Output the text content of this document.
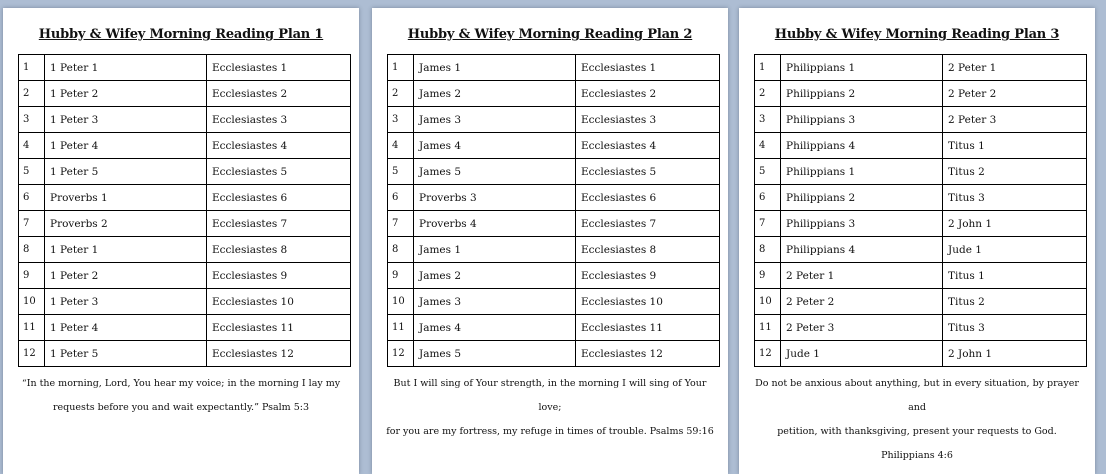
Hubby & Wifey Morning Reading Plan 1
1	1 Peter 1	Ecclesiastes 1
2	1 Peter 2	Ecclesiastes 2
3	1 Peter 3	Ecclesiastes 3
4	1 Peter 4	Ecclesiastes 4
5	1 Peter 5	Ecclesiastes 5
6	Proverbs 1	Ecclesiastes 6
7	Proverbs 2	Ecclesiastes 7
8	1 Peter 1	Ecclesiastes 8
9	1 Peter 2	Ecclesiastes 9
10	1 Peter 3	Ecclesiastes 10
11	1 Peter 4	Ecclesiastes 11
12	1 Peter 5	Ecclesiastes 12
“In the morning, Lord, You hear my voice; in the morning I lay my
requests before you and wait expectantly.” Psalm 5:3
Hubby & Wifey Morning Reading Plan 2
1	James 1	Ecclesiastes 1
2	James 2	Ecclesiastes 2
3	James 3	Ecclesiastes 3
4	James 4	Ecclesiastes 4
5	James 5	Ecclesiastes 5
6	Proverbs 3	Ecclesiastes 6
7	Proverbs 4	Ecclesiastes 7
8	James 1	Ecclesiastes 8
9	James 2	Ecclesiastes 9
10	James 3	Ecclesiastes 10
11	James 4	Ecclesiastes 11
12	James 5	Ecclesiastes 12
But I will sing of Your strength, in the morning I will sing of Your love;
for you are my fortress, my refuge in times of trouble. Psalms 59:16
Hubby & Wifey Morning Reading Plan 3
1	Philippians 1	2 Peter 1
2	Philippians 2	2 Peter 2
3	Philippians 3	2 Peter 3
4	Philippians 4	Titus 1
5	Philippians 1	Titus 2
6	Philippians 2	Titus 3
7	Philippians 3	2 John 1
8	Philippians 4	Jude 1
9	2 Peter 1	Titus 1
10	2 Peter 2	Titus 2
11	2 Peter 3	Titus 3
12	Jude 1	2 John 1
Do not be anxious about anything, but in every situation, by prayer and
petition, with thanksgiving, present your requests to God. Philippians 4:6
